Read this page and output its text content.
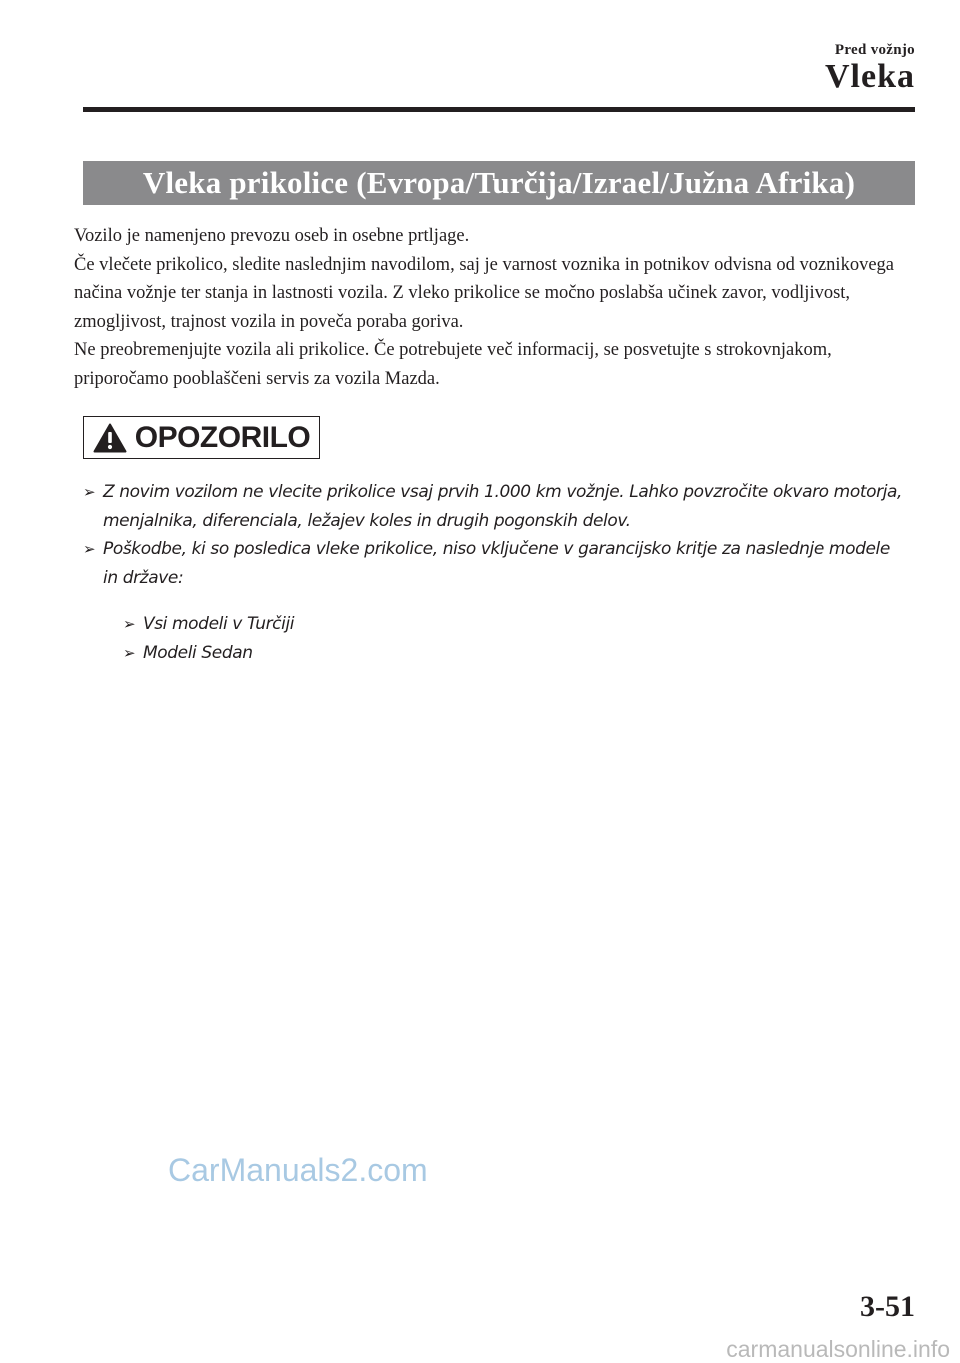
Pred vožnjo
Vleka
Vleka prikolice (Evropa/Turčija/Izrael/Južna Afrika)

Vozilo je namenjeno prevozu oseb in osebne prtljage.

Če vlečete prikolico, sledite naslednjim navodilom, saj je varnost voznika in potnikov odvisna od voznikovega načina vožnje ter stanja in lastnosti vozila. Z vleko prikolice se močno poslabša učinek zavor, vodljivost, zmogljivost, trajnost vozila in poveča poraba goriva.

Ne preobremenjujte vozila ali prikolice. Če potrebujete več informacij, se posvetujte s strokovnjakom, priporočamo pooblaščeni servis za vozila Mazda.

OPOZORILO
➢ Z novim vozilom ne vlecite prikolice vsaj prvih 1.000 km vožnje. Lahko povzročite okvaro motorja, menjalnika, diferenciala, ležajev koles in drugih pogonskih delov.
➢ Poškodbe, ki so posledica vleke prikolice, niso vključene v garancijsko kritje za naslednje modele in države:
➢ Vsi modeli v Turčiji
➢ Modeli Sedan
CarManuals2.com
3-51
carmanualsonline.info
